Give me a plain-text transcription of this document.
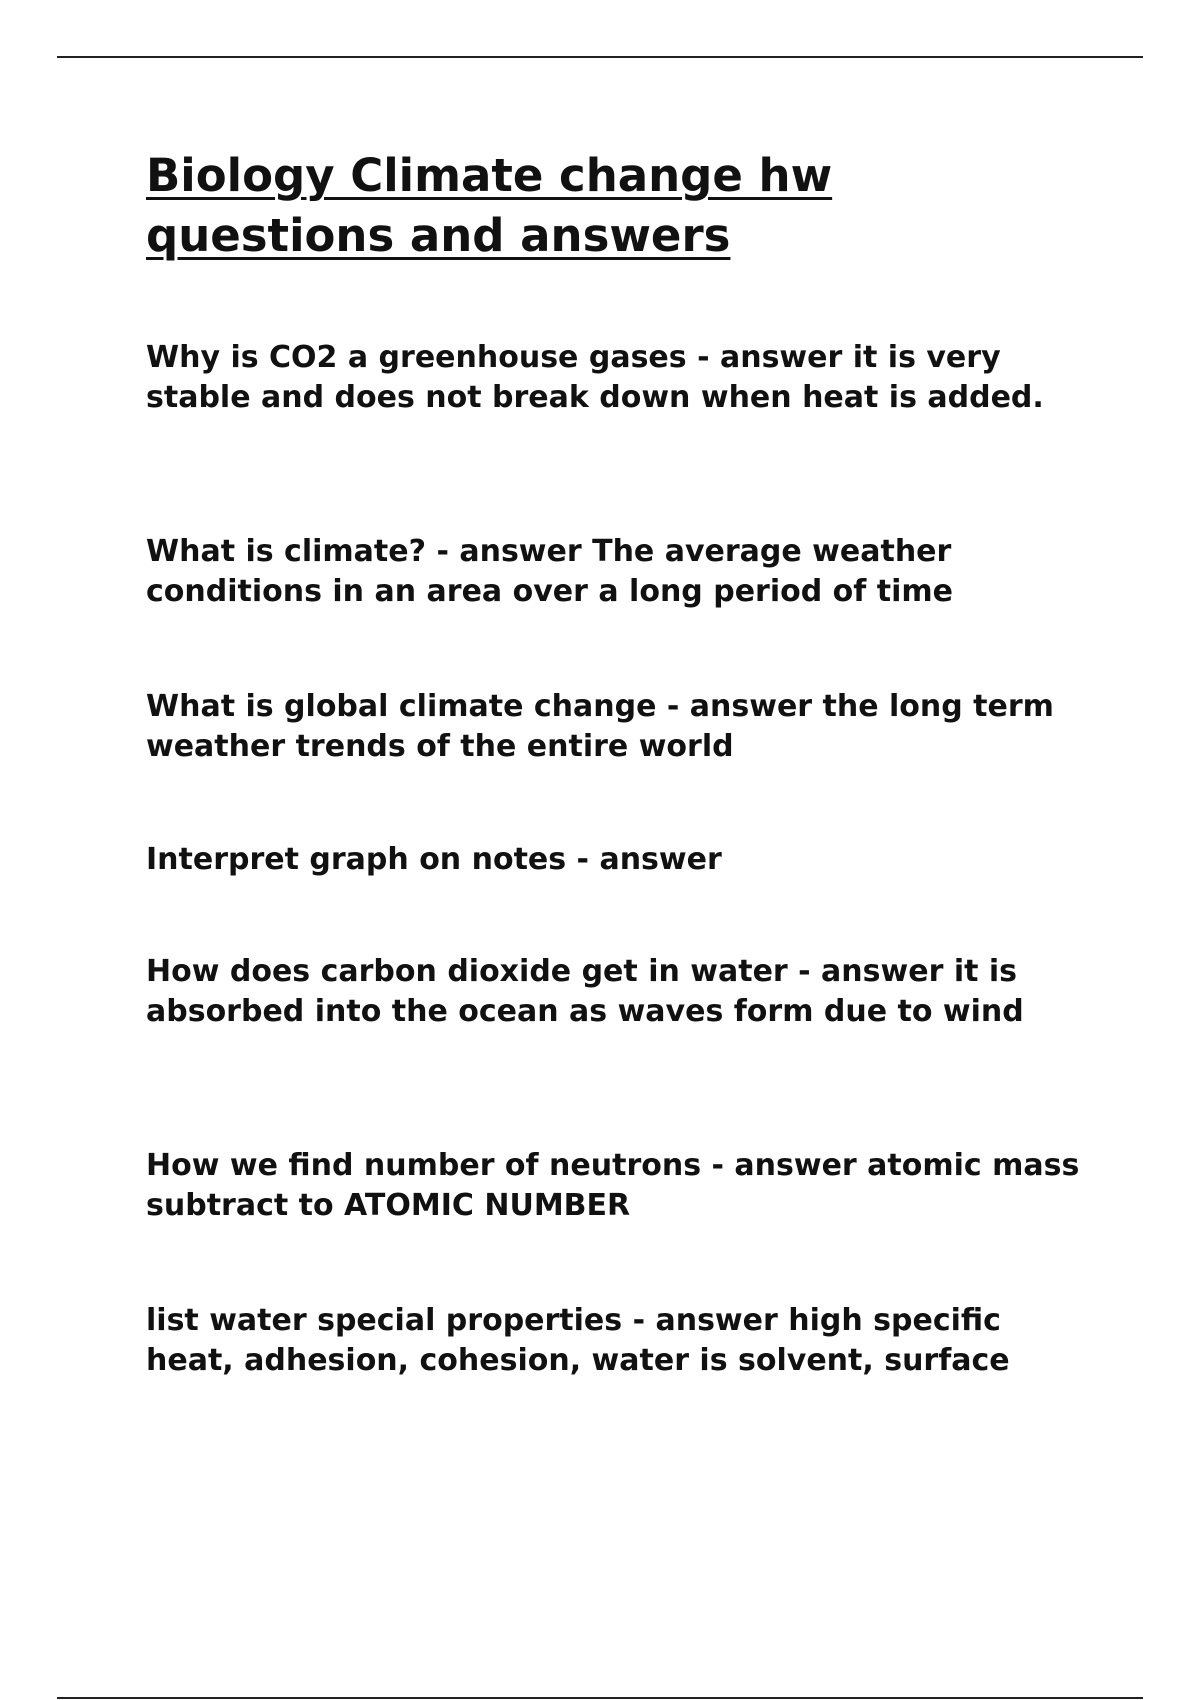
Biology Climate change hw questions and answers
Why is CO2 a greenhouse gases - answer it is very stable and does not break down when heat is added.
What is climate? - answer The average weather conditions in an area over a long period of time
What is global climate change - answer the long term weather trends of the entire world
Interpret graph on notes - answer
How does carbon dioxide get in water - answer it is absorbed into the ocean as waves form due to wind
How we find number of neutrons - answer atomic mass subtract to ATOMIC NUMBER
list water special properties - answer high specific heat, adhesion, cohesion, water is solvent, surface
